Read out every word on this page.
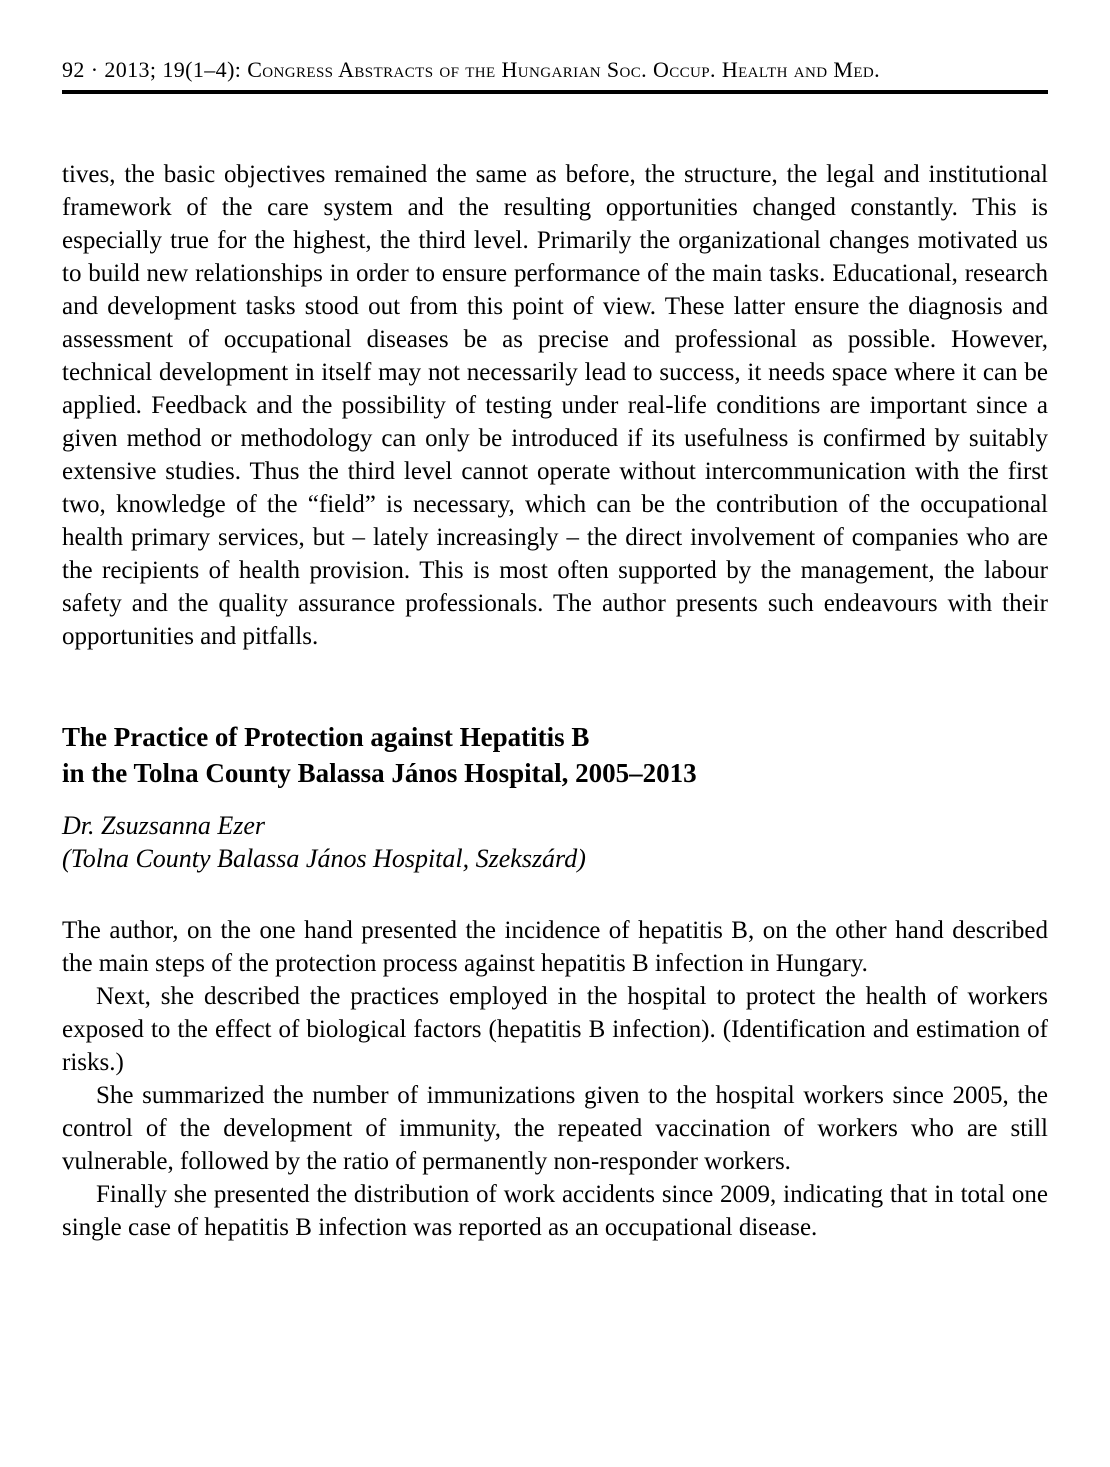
92 · 2013; 19(1–4): Congress Abstracts of the Hungarian Soc. Occup. Health and Med.

tives, the basic objectives remained the same as before, the structure, the legal and institutional framework of the care system and the resulting opportunities changed constantly. This is especially true for the highest, the third level. Primarily the organizational changes motivated us to build new relationships in order to ensure performance of the main tasks. Educational, research and development tasks stood out from this point of view. These latter ensure the diagnosis and assessment of occupational diseases be as precise and professional as possible. However, technical development in itself may not necessarily lead to success, it needs space where it can be applied. Feedback and the possibility of testing under real-life conditions are important since a given method or methodology can only be introduced if its usefulness is confirmed by suitably extensive studies. Thus the third level cannot operate without intercommunication with the first two, knowledge of the “field” is necessary, which can be the contribution of the occupational health primary services, but – lately increasingly – the direct involvement of companies who are the recipients of health provision. This is most often supported by the management, the labour safety and the quality assurance professionals. The author presents such endeavours with their opportunities and pitfalls.

The Practice of Protection against Hepatitis B
in the Tolna County Balassa János Hospital, 2005–2013
Dr. Zsuzsanna Ezer
(Tolna County Balassa János Hospital, Szekszárd)

The author, on the one hand presented the incidence of hepatitis B, on the other hand described the main steps of the protection process against hepatitis B infection in Hungary.

Next, she described the practices employed in the hospital to protect the health of workers exposed to the effect of biological factors (hepatitis B infection). (Identification and estimation of risks.)

She summarized the number of immunizations given to the hospital workers since 2005, the control of the development of immunity, the repeated vaccination of workers who are still vulnerable, followed by the ratio of permanently non-responder workers.

Finally she presented the distribution of work accidents since 2009, indicating that in total one single case of hepatitis B infection was reported as an occupational disease.
